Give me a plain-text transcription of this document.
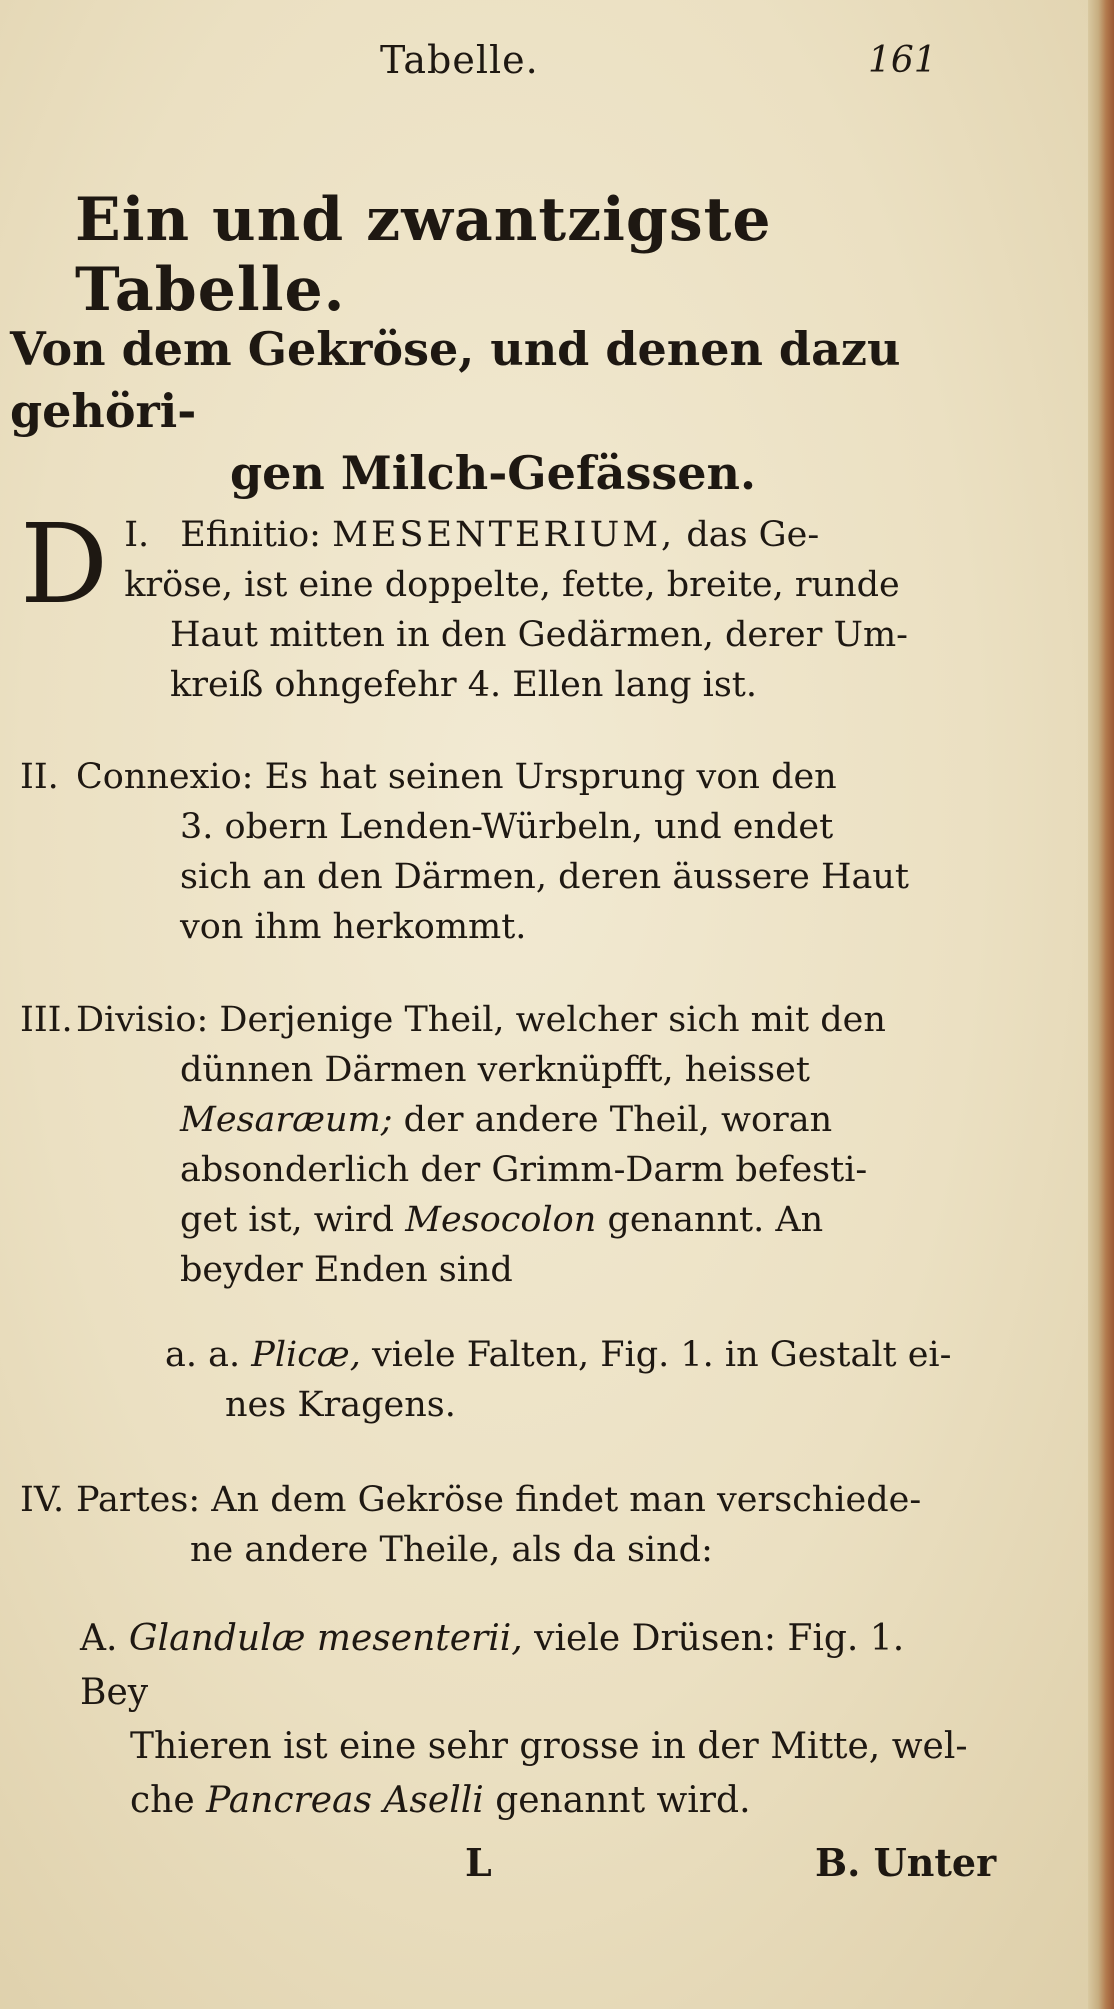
Tabelle.	161
Ein und zwantzigste Tabelle.
Von dem Gekröse, und denen dazu gehöri-
gen Milch-Gefässen.
I.
D Efinitio: MESENTERIUM, das Ge-
kröse, ist eine doppelte, fette, breite, runde
Haut mitten in den Gedärmen, derer Um-
kreiß ohngefehr 4. Ellen lang ist.
II. Connexio: Es hat seinen Ursprung von den
3. obern Lenden-Würbeln, und endet
sich an den Därmen, deren äussere Haut
von ihm herkommt.
III.Divisio: Derjenige Theil, welcher sich mit den
dünnen Därmen verknüpfft, heisset
Mesaræum; der andere Theil, woran
absonderlich der Grimm-Darm befesti-
get ist, wird Mesocolon genannt. An
beyder Enden sind
a. a. Plicæ, viele Falten, Fig. 1. in Gestalt ei-
nes Kragens.
IV. Partes: An dem Gekröse findet man verschiede-
ne andere Theile, als da sind:
A. Glandulæ mesenterii, viele Drüsen: Fig. 1. Bey
Thieren ist eine sehr grosse in der Mitte, wel-
che Pancreas Aselli genannt wird.
L	B. Unter
